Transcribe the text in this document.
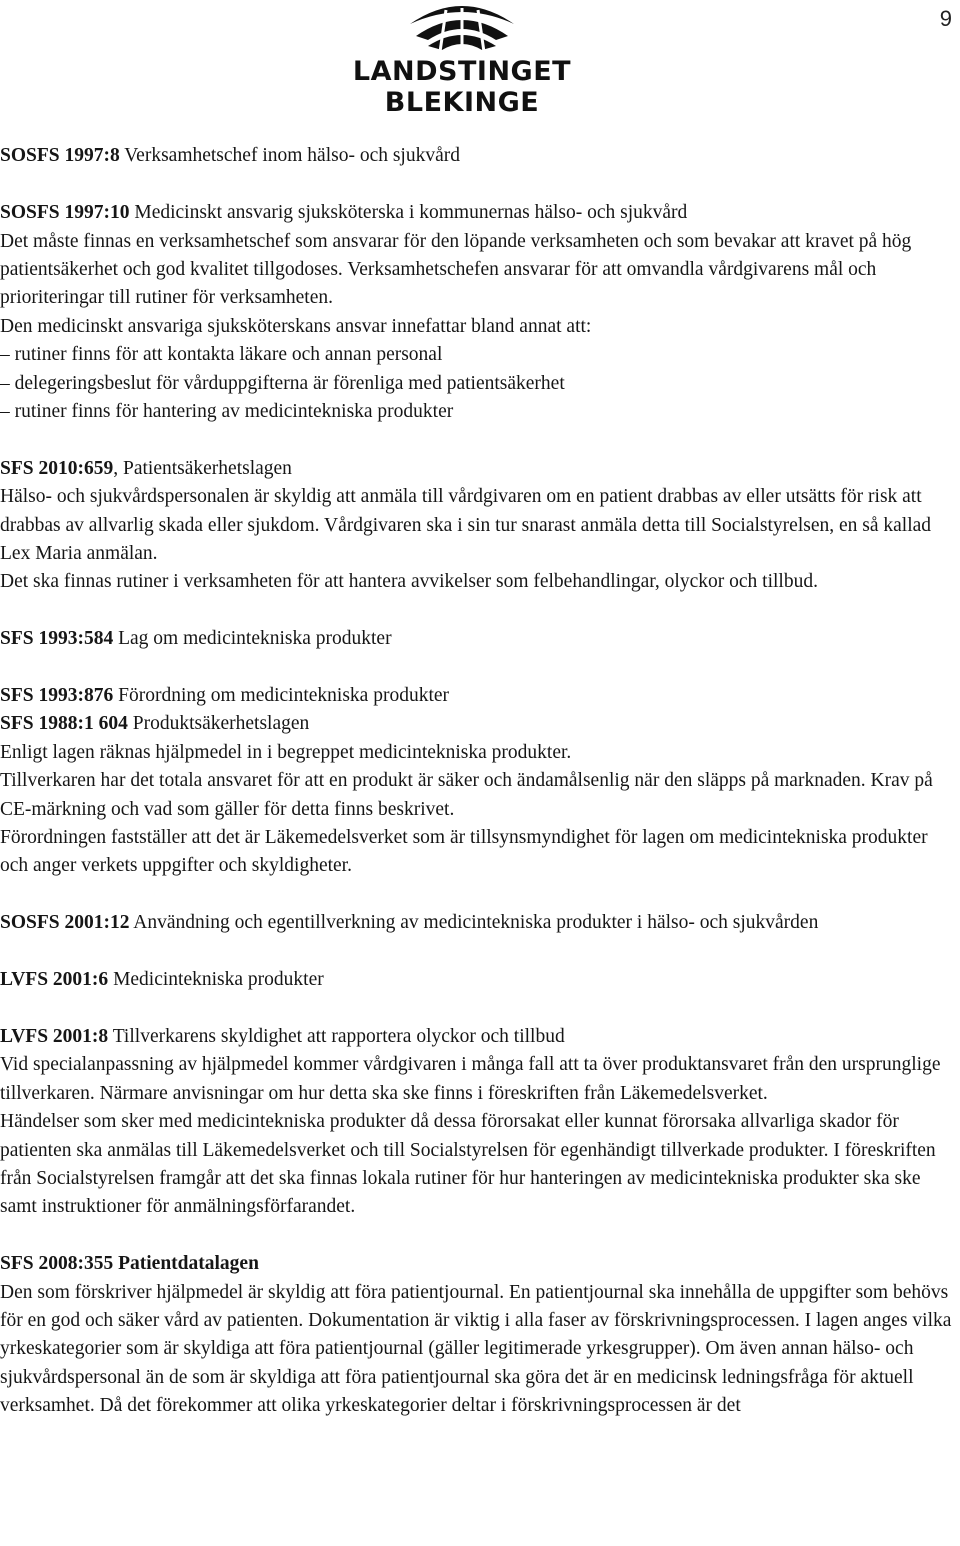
9
LANDSTINGET BLEKINGE

SOSFS 1997:8 Verksamhetschef inom hälso- och sjukvård

SOSFS 1997:10 Medicinskt ansvarig sjuksköterska i kommunernas hälso- och sjukvård

Det måste finnas en verksamhetschef som ansvarar för den löpande verksamheten och som bevakar att kravet på hög patientsäkerhet och god kvalitet tillgodoses. Verksamhetschefen ansvarar för att omvandla vårdgivarens mål och prioriteringar till rutiner för verksamheten.

Den medicinskt ansvariga sjuksköterskans ansvar innefattar bland annat att:

– rutiner finns för att kontakta läkare och annan personal

– delegeringsbeslut för vårduppgifterna är förenliga med patientsäkerhet

– rutiner finns för hantering av medicintekniska produkter

SFS 2010:659, Patientsäkerhetslagen

Hälso- och sjukvårdspersonalen är skyldig att anmäla till vårdgivaren om en patient drabbas av eller utsätts för risk att drabbas av allvarlig skada eller sjukdom. Vårdgivaren ska i sin tur snarast anmäla detta till Socialstyrelsen, en så kallad Lex Maria anmälan.

Det ska finnas rutiner i verksamheten för att hantera avvikelser som felbehandlingar, olyckor och tillbud.

SFS 1993:584 Lag om medicintekniska produkter

SFS 1993:876 Förordning om medicintekniska produkter

SFS 1988:1 604 Produktsäkerhetslagen

Enligt lagen räknas hjälpmedel in i begreppet medicintekniska produkter.

Tillverkaren har det totala ansvaret för att en produkt är säker och ändamålsenlig när den släpps på marknaden. Krav på CE-märkning och vad som gäller för detta finns beskrivet.

Förordningen fastställer att det är Läkemedelsverket som är tillsynsmyndighet för lagen om medicintekniska produkter och anger verkets uppgifter och skyldigheter.

SOSFS 2001:12 Användning och egentillverkning av medicintekniska produkter i hälso- och sjukvården

LVFS 2001:6 Medicintekniska produkter

LVFS 2001:8 Tillverkarens skyldighet att rapportera olyckor och tillbud

Vid specialanpassning av hjälpmedel kommer vårdgivaren i många fall att ta över produktansvaret från den ursprunglige tillverkaren. Närmare anvisningar om hur detta ska ske finns i föreskriften från Läkemedelsverket.

Händelser som sker med medicintekniska produkter då dessa förorsakat eller kunnat förorsaka allvarliga skador för patienten ska anmälas till Läkemedelsverket och till Socialstyrelsen för egenhändigt tillverkade produkter. I föreskriften från Socialstyrelsen framgår att det ska finnas lokala rutiner för hur hanteringen av medicintekniska produkter ska ske samt instruktioner för anmälningsförfarandet.

SFS 2008:355 Patientdatalagen

Den som förskriver hjälpmedel är skyldig att föra patientjournal. En patientjournal ska innehålla de uppgifter som behövs för en god och säker vård av patienten. Dokumentation är viktig i alla faser av förskrivningsprocessen. I lagen anges vilka yrkeskategorier som är skyldiga att föra patientjournal (gäller legitimerade yrkesgrupper). Om även annan hälso- och sjukvårdspersonal än de som är skyldiga att föra patientjournal ska göra det är en medicinsk ledningsfråga för aktuell verksamhet. Då det förekommer att olika yrkeskategorier deltar i förskrivningsprocessen är det
